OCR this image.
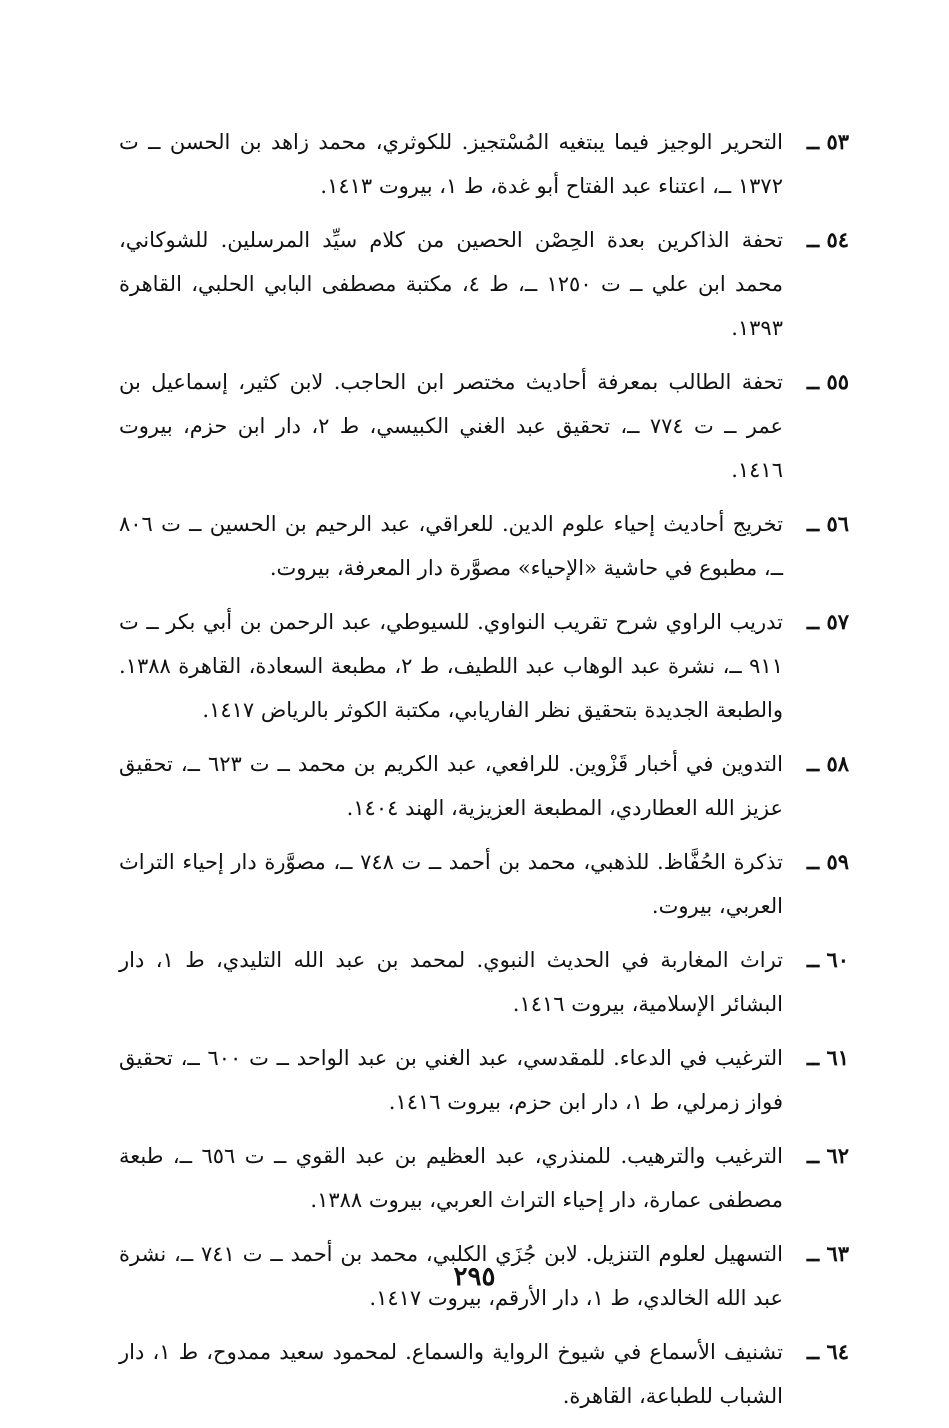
٥٣ ــ
التحرير الوجيز فيما يبتغيه المُسْتجيز. للكوثري، محمد زاهد بن الحسن ــ ت ١٣٧٢ ــ، اعتناء عبد الفتاح أبو غدة، ط ١، بيروت ١٤١٣.
٥٤ ــ
تحفة الذاكرين بعدة الحِصْن الحصين من كلام سيِّد المرسلين. للشوكاني، محمد ابن علي ــ ت ١٢٥٠ ــ، ط ٤، مكتبة مصطفى البابي الحلبي، القاهرة ١٣٩٣.
٥٥ ــ
تحفة الطالب بمعرفة أحاديث مختصر ابن الحاجب. لابن كثير، إسماعيل بن عمر ــ ت ٧٧٤ ــ، تحقيق عبد الغني الكبيسي، ط ٢، دار ابن حزم، بيروت ١٤١٦.
٥٦ ــ
تخريج أحاديث إحياء علوم الدين. للعراقي، عبد الرحيم بن الحسين ــ ت ٨٠٦ ــ، مطبوع في حاشية «الإحياء» مصوَّرة دار المعرفة، بيروت.
٥٧ ــ
تدريب الراوي شرح تقريب النواوي. للسيوطي، عبد الرحمن بن أبي بكر ــ ت ٩١١ ــ، نشرة عبد الوهاب عبد اللطيف، ط ٢، مطبعة السعادة، القاهرة ١٣٨٨. والطبعة الجديدة بتحقيق نظر الفاريابي، مكتبة الكوثر بالرياض ١٤١٧.
٥٨ ــ
التدوين في أخبار قَزْوين. للرافعي، عبد الكريم بن محمد ــ ت ٦٢٣ ــ، تحقيق عزيز الله العطاردي، المطبعة العزيزية، الهند ١٤٠٤.
٥٩ ــ
تذكرة الحُفَّاظ. للذهبي، محمد بن أحمد ــ ت ٧٤٨ ــ، مصوَّرة دار إحياء التراث العربي، بيروت.
٦٠ ــ
تراث المغاربة في الحديث النبوي. لمحمد بن عبد الله التليدي، ط ١، دار البشائر الإسلامية، بيروت ١٤١٦.
٦١ ــ
الترغيب في الدعاء. للمقدسي، عبد الغني بن عبد الواحد ــ ت ٦٠٠ ــ، تحقيق فواز زمرلي، ط ١، دار ابن حزم، بيروت ١٤١٦.
٦٢ ــ
الترغيب والترهيب. للمنذري، عبد العظيم بن عبد القوي ــ ت ٦٥٦ ــ، طبعة مصطفى عمارة، دار إحياء التراث العربي، بيروت ١٣٨٨.
٦٣ ــ
التسهيل لعلوم التنزيل. لابن جُزَي الكلبي، محمد بن أحمد ــ ت ٧٤١ ــ، نشرة عبد الله الخالدي، ط ١، دار الأرقم، بيروت ١٤١٧.
٦٤ ــ
تشنيف الأسماع في شيوخ الرواية والسماع. لمحمود سعيد ممدوح، ط ١، دار الشباب للطباعة، القاهرة.
٢٩٥
